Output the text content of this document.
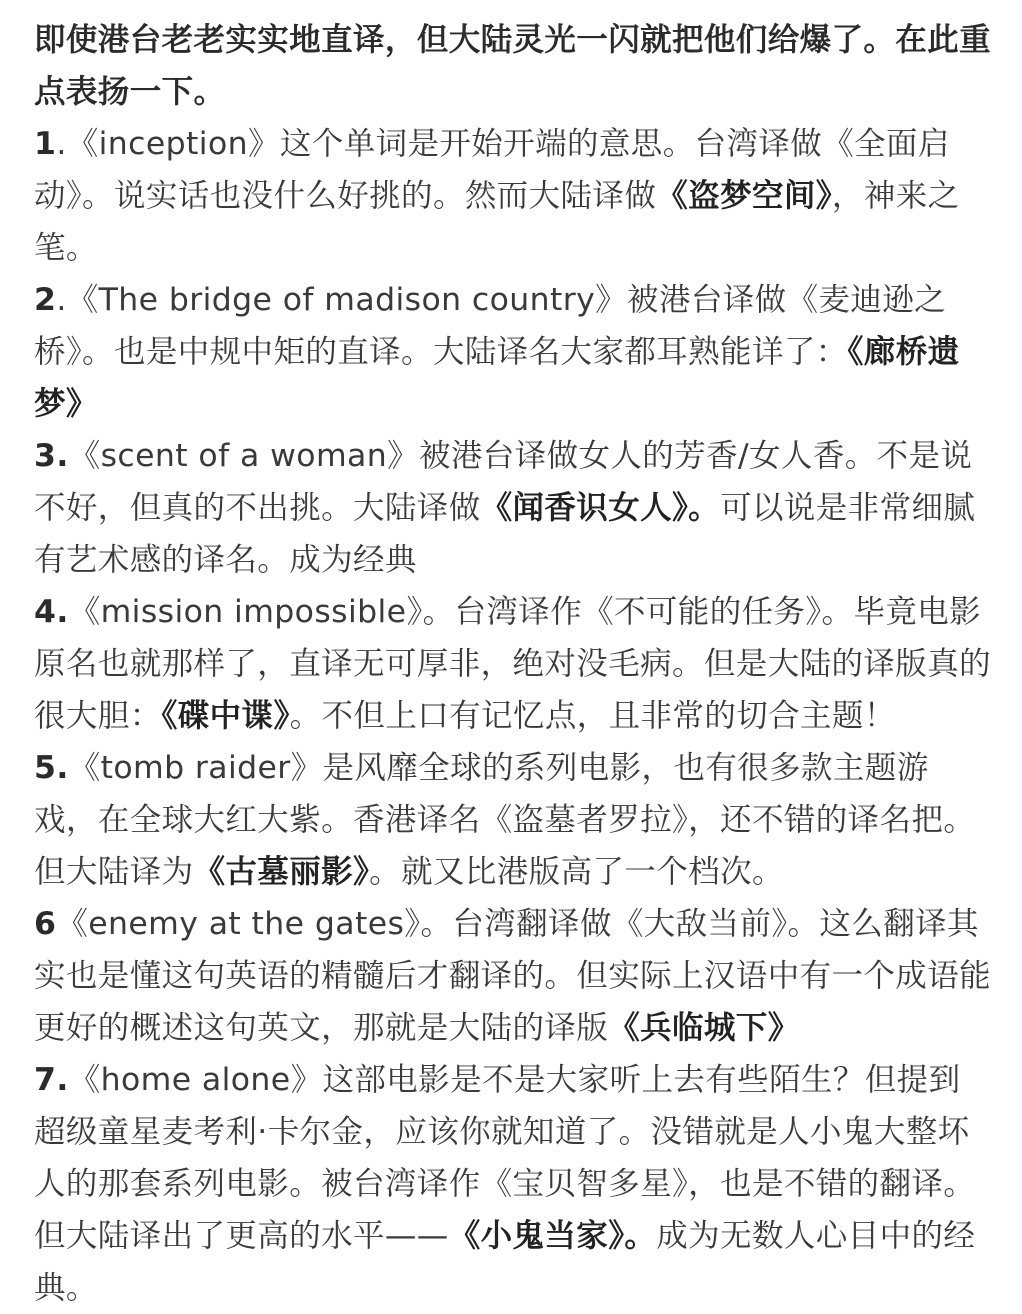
即使港台老老实实地直译，但大陆灵光一闪就把他们给爆了。在此重点表扬一下。

1.《inception》这个单词是开始开端的意思。台湾译做《全面启动》。说实话也没什么好挑的。然而大陆译做《盗梦空间》，神来之笔。

2.《The bridge of madison country》被港台译做《麦迪逊之桥》。也是中规中矩的直译。大陆译名大家都耳熟能详了：《廊桥遗梦》

3.《scent of a woman》被港台译做女人的芳香/女人香。不是说不好，但真的不出挑。大陆译做《闻香识女人》。可以说是非常细腻有艺术感的译名。成为经典

4.《mission impossible》。台湾译作《不可能的任务》。毕竟电影原名也就那样了，直译无可厚非，绝对没毛病。但是大陆的译版真的很大胆：《碟中谍》。不但上口有记忆点，且非常的切合主题！

5.《tomb raider》是风靡全球的系列电影，也有很多款主题游戏，在全球大红大紫。香港译名《盗墓者罗拉》，还不错的译名把。但大陆译为《古墓丽影》。就又比港版高了一个档次。

6《enemy at the gates》。台湾翻译做《大敌当前》。这么翻译其实也是懂这句英语的精髓后才翻译的。但实际上汉语中有一个成语能更好的概述这句英文，那就是大陆的译版《兵临城下》

7.《home alone》这部电影是不是大家听上去有些陌生？但提到超级童星麦考利·卡尔金，应该你就知道了。没错就是人小鬼大整坏人的那套系列电影。被台湾译作《宝贝智多星》，也是不错的翻译。但大陆译出了更高的水平——《小鬼当家》。成为无数人心目中的经典。
